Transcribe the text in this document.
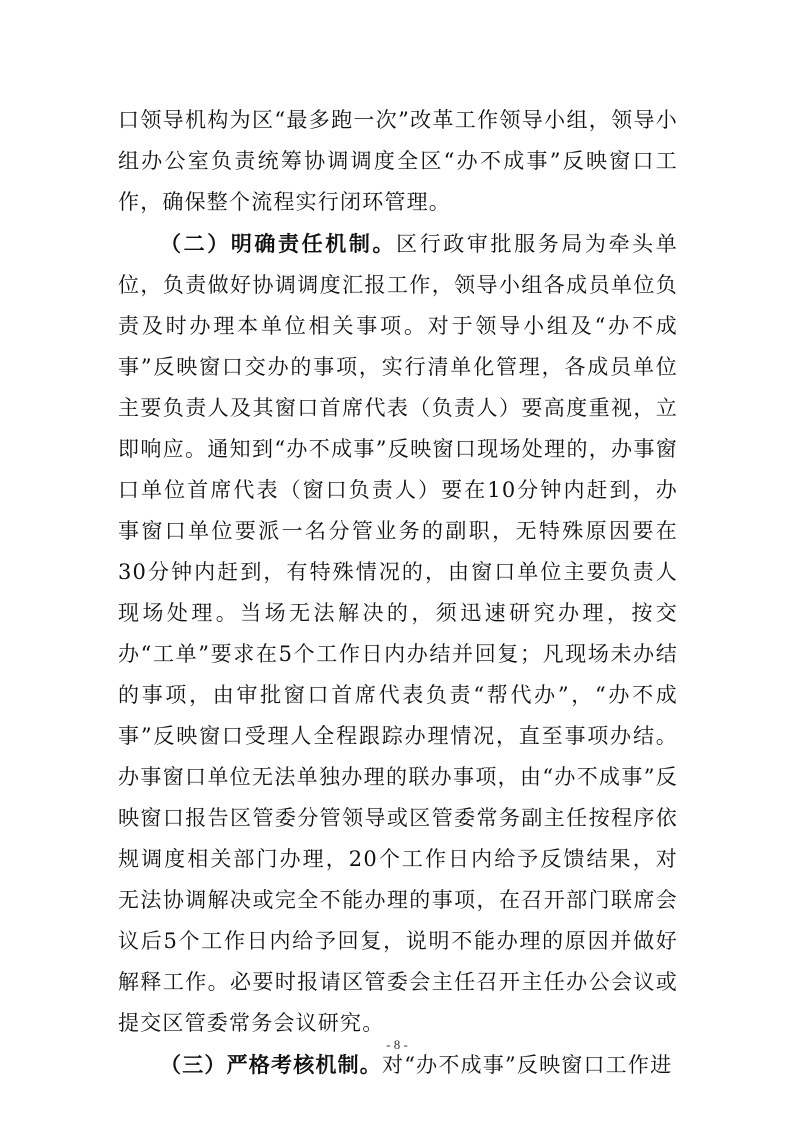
口领导机构为区“最多跑一次”改革工作领导小组，领导小组办公室负责统筹协调调度全区“办不成事”反映窗口工作，确保整个流程实行闭环管理。

（二）明确责任机制。区行政审批服务局为牵头单位，负责做好协调调度汇报工作，领导小组各成员单位负责及时办理本单位相关事项。对于领导小组及“办不成事”反映窗口交办的事项，实行清单化管理，各成员单位主要负责人及其窗口首席代表（负责人）要高度重视，立即响应。通知到“办不成事”反映窗口现场处理的，办事窗口单位首席代表（窗口负责人）要在10分钟内赶到，办事窗口单位要派一名分管业务的副职，无特殊原因要在30分钟内赶到，有特殊情况的，由窗口单位主要负责人现场处理。当场无法解决的，须迅速研究办理，按交办“工单”要求在5个工作日内办结并回复；凡现场未办结的事项，由审批窗口首席代表负责“帮代办”，“办不成事”反映窗口受理人全程跟踪办理情况，直至事项办结。办事窗口单位无法单独办理的联办事项，由“办不成事”反映窗口报告区管委分管领导或区管委常务副主任按程序依规调度相关部门办理，20个工作日内给予反馈结果，对无法协调解决或完全不能办理的事项，在召开部门联席会议后5个工作日内给予回复，说明不能办理的原因并做好解释工作。必要时报请区管委会主任召开主任办公会议或提交区管委常务会议研究。

（三）严格考核机制。对“办不成事”反映窗口工作进

- 8 -
